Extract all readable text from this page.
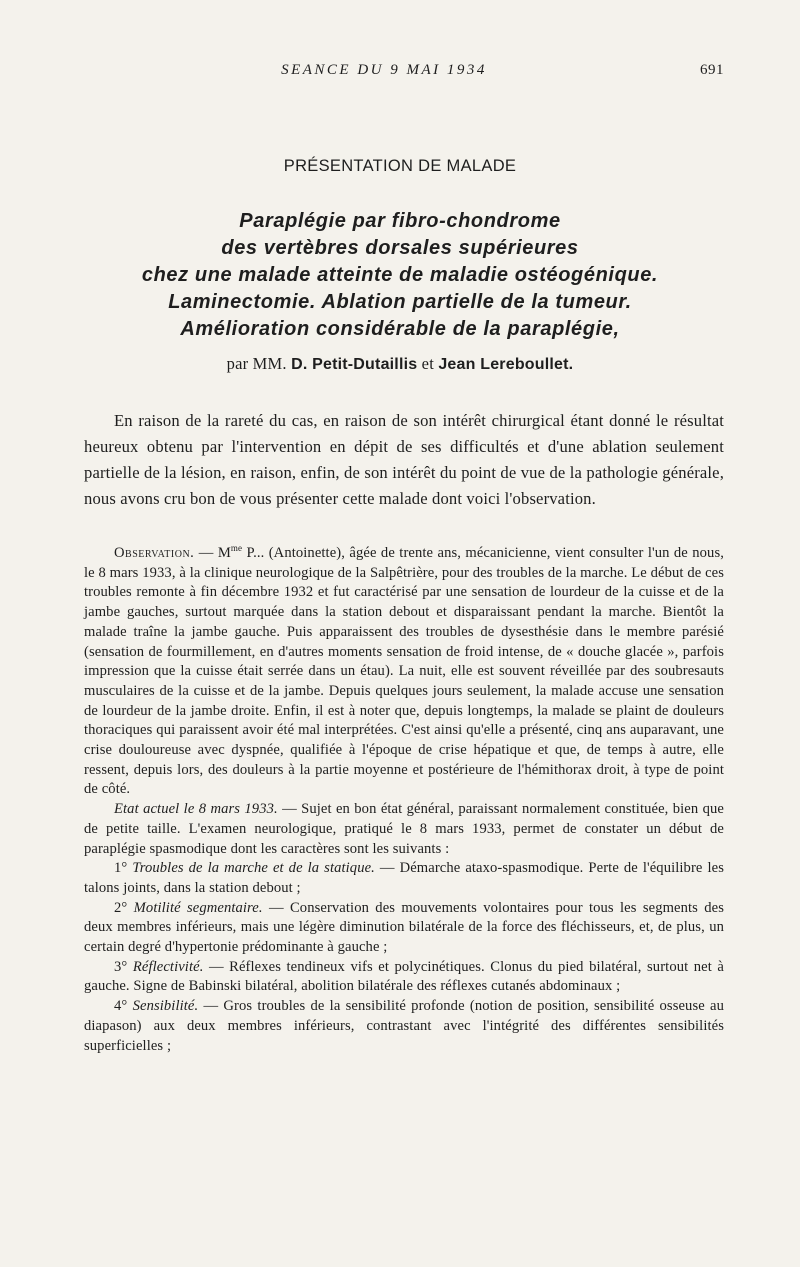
SEANCE DU 9 MAI 1934	691
PRÉSENTATION DE MALADE
Paraplégie par fibro-chondrome
des vertèbres dorsales supérieures
chez une malade atteinte de maladie ostéogénique.
Laminectomie. Ablation partielle de la tumeur.
Amélioration considérable de la paraplégie,
par MM. D. Petit-Dutaillis et Jean Lereboullet.

En raison de la rareté du cas, en raison de son intérêt chirurgical étant donné le résultat heureux obtenu par l'intervention en dépit de ses difficultés et d'une ablation seulement partielle de la lésion, en raison, enfin, de son intérêt du point de vue de la pathologie générale, nous avons cru bon de vous présenter cette malade dont voici l'observation.

Observation. — $M^{me}$ P... (Antoinette), âgée de trente ans, mécanicienne, vient consulter l'un de nous, le 8 mars 1933, à la clinique neurologique de la Salpêtrière, pour des troubles de la marche. Le début de ces troubles remonte à fin décembre 1932 et fut caractérisé par une sensation de lourdeur de la cuisse et de la jambe gauches, surtout marquée dans la station debout et disparaissant pendant la marche. Bientôt la malade traîne la jambe gauche. Puis apparaissent des troubles de dysesthésie dans le membre parésié (sensation de fourmillement, en d'autres moments sensation de froid intense, de « douche glacée », parfois impression que la cuisse était serrée dans un étau). La nuit, elle est souvent réveillée par des soubresauts musculaires de la cuisse et de la jambe. Depuis quelques jours seulement, la malade accuse une sensation de lourdeur de la jambe droite. Enfin, il est à noter que, depuis longtemps, la malade se plaint de douleurs thoraciques qui paraissent avoir été mal interprétées. C'est ainsi qu'elle a présenté, cinq ans auparavant, une crise douloureuse avec dyspnée, qualifiée à l'époque de crise hépatique et que, de temps à autre, elle ressent, depuis lors, des douleurs à la partie moyenne et postérieure de l'hémithorax droit, à type de point de côté.

Etat actuel le 8 mars 1933. — Sujet en bon état général, paraissant normalement constituée, bien que de petite taille. L'examen neurologique, pratiqué le 8 mars 1933, permet de constater un début de paraplégie spasmodique dont les caractères sont les suivants :

1° Troubles de la marche et de la statique. — Démarche ataxo-spasmodique. Perte de l'équilibre les talons joints, dans la station debout ;

2° Motilité segmentaire. — Conservation des mouvements volontaires pour tous les segments des deux membres inférieurs, mais une légère diminution bilatérale de la force des fléchisseurs, et, de plus, un certain degré d'hypertonie prédominante à gauche ;

3° Réflectivité. — Réflexes tendineux vifs et polycinétiques. Clonus du pied bilatéral, surtout net à gauche. Signe de Babinski bilatéral, abolition bilatérale des réflexes cutanés abdominaux ;

4° Sensibilité. — Gros troubles de la sensibilité profonde (notion de position, sensibilité osseuse au diapason) aux deux membres inférieurs, contrastant avec l'intégrité des différentes sensibilités superficielles ;
